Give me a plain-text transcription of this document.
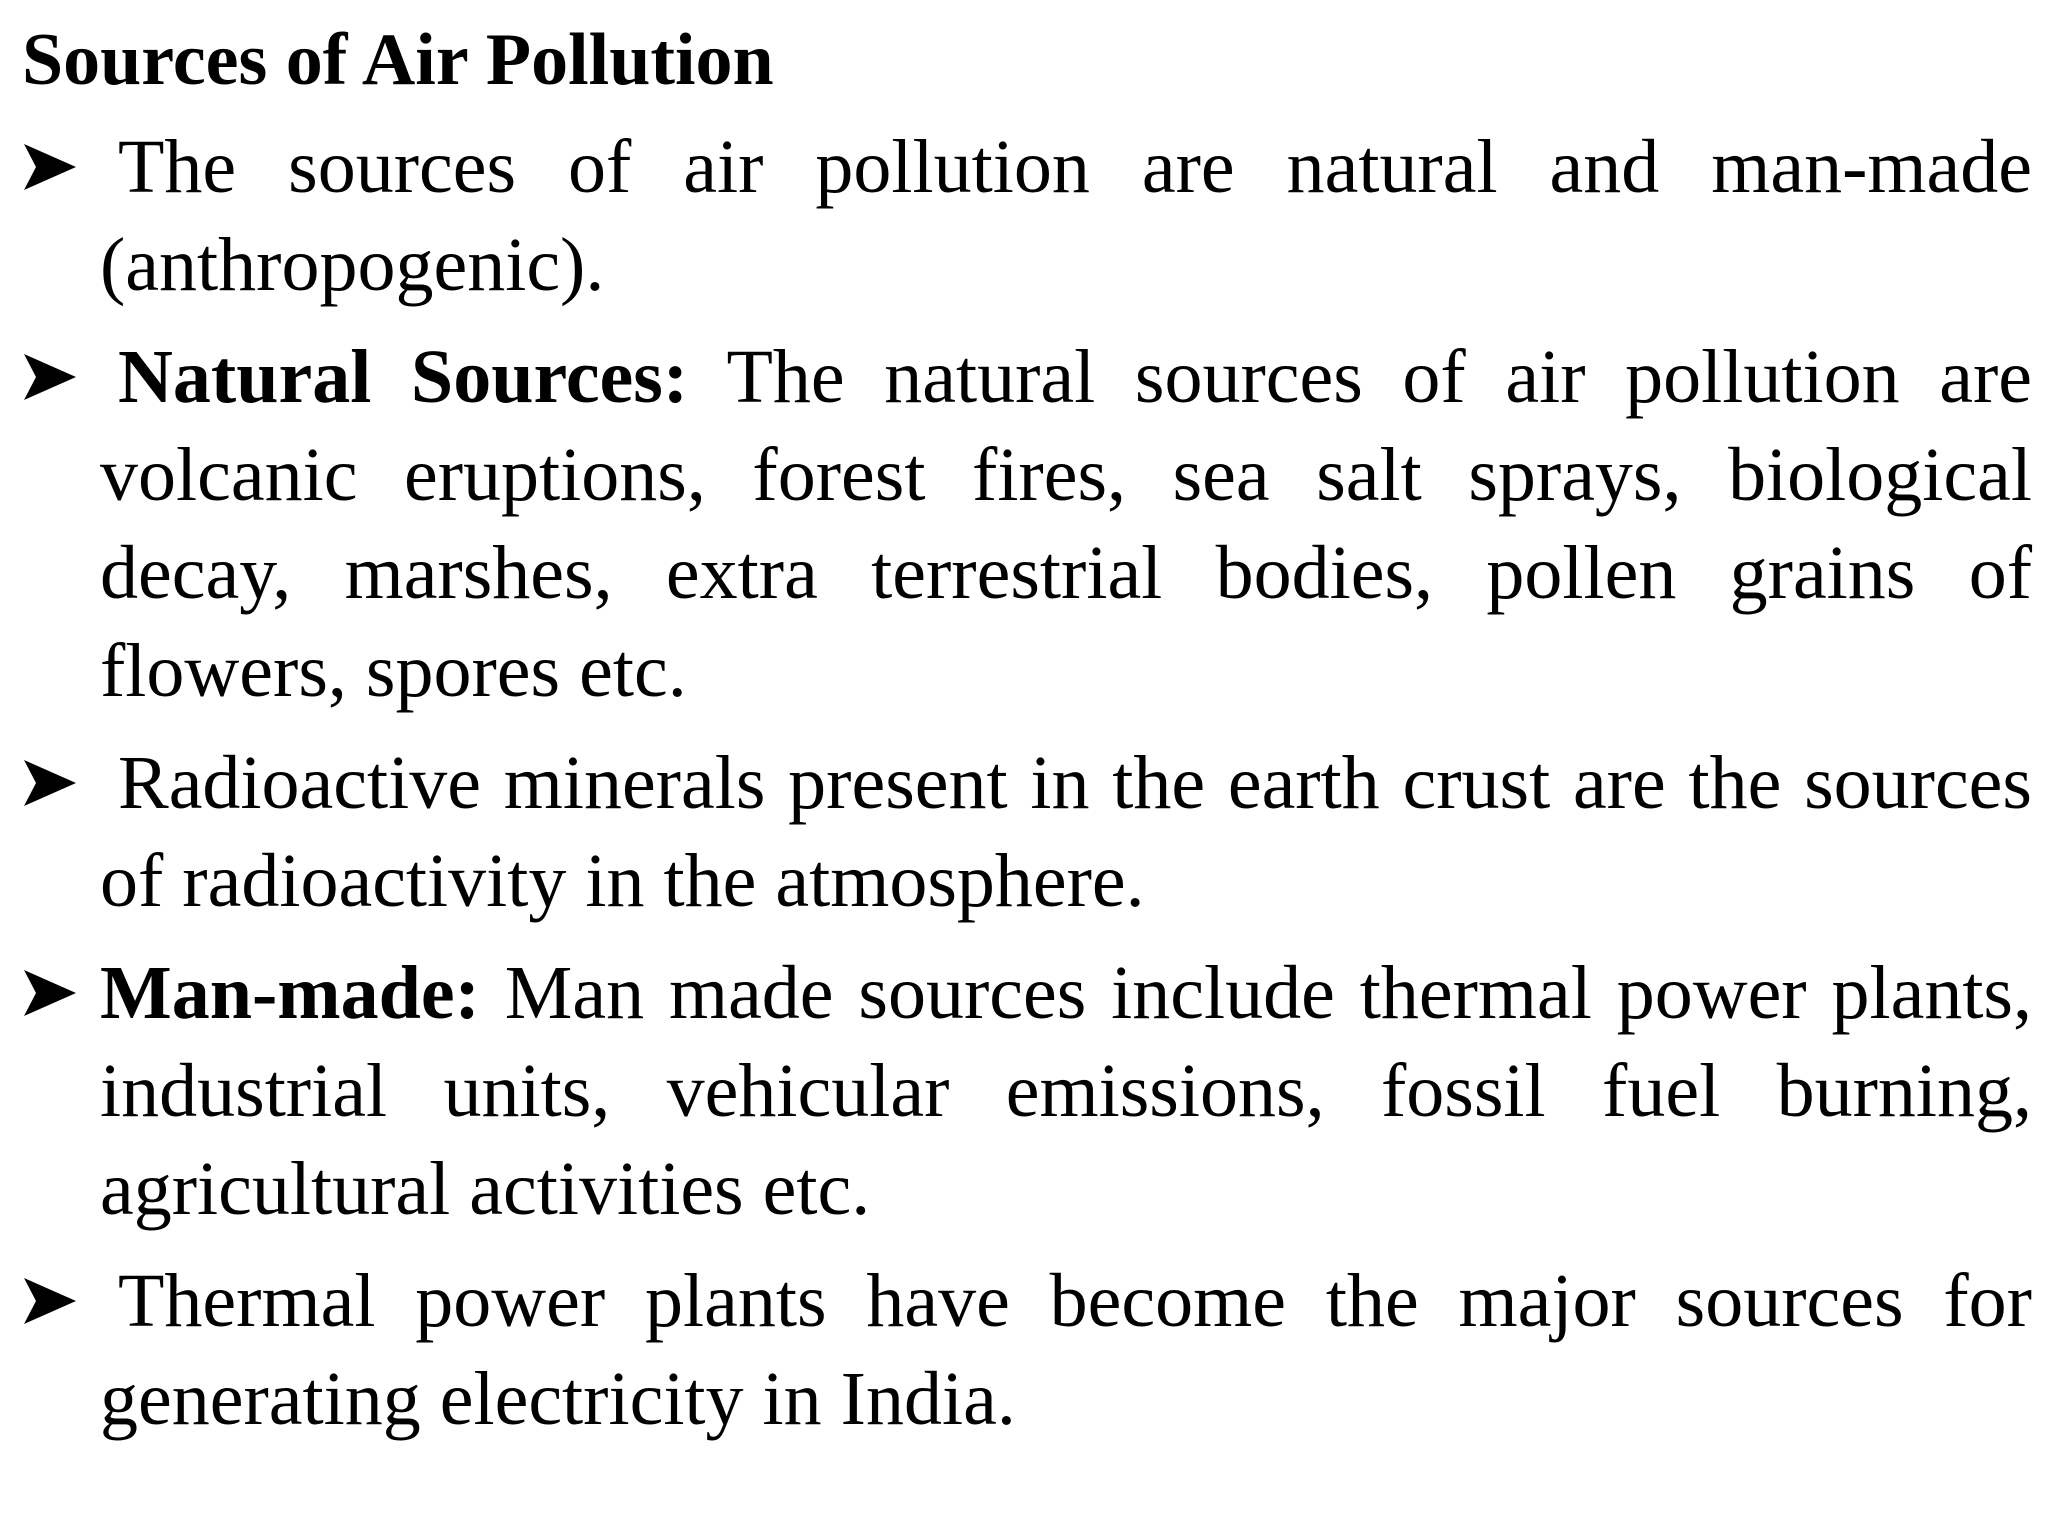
Sources of Air Pollution
The sources of air pollution are natural and man-made (anthropogenic).
Natural Sources: The natural sources of air pollution are volcanic eruptions, forest fires, sea salt sprays, biological decay, marshes, extra terrestrial bodies, pollen grains of flowers, spores etc.
Radioactive minerals present in the earth crust are the sources of radioactivity in the atmosphere.
Man-made: Man made sources include thermal power plants, industrial units, vehicular emissions, fossil fuel burning, agricultural activities etc.
Thermal power plants have become the major sources for generating electricity in India.
